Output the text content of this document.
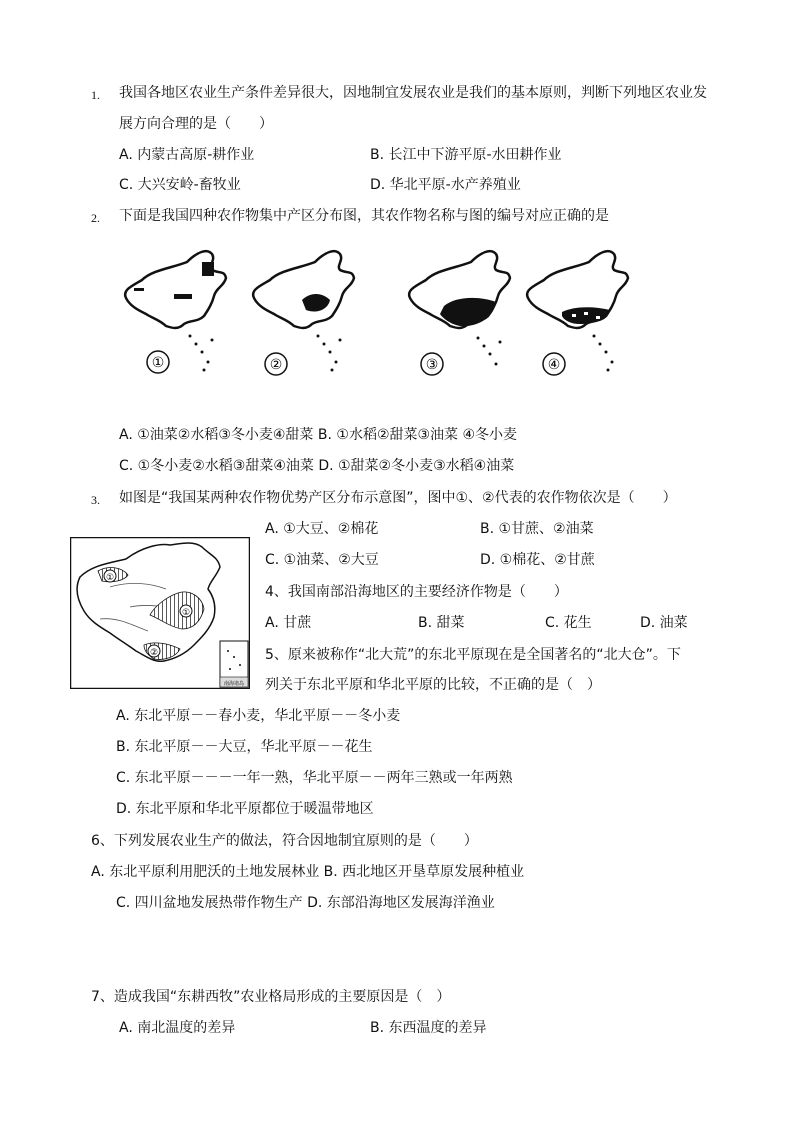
1. 我国各地区农业生产条件差异很大，因地制宜发展农业是我们的基本原则，判断下列地区农业发
展方向合理的是（　　）
A. 内蒙古高原-耕作业	B. 长江中下游平原-水田耕作业
C. 大兴安岭-畜牧业	D. 华北平原-水产养殖业
2. 下面是我国四种农作物集中产区分布图，其农作物名称与图的编号对应正确的是
①	②	③	④
A. ①油菜②水稻③冬小麦④甜菜 B. ①水稻②甜菜③油菜 ④冬小麦
C. ①冬小麦②水稻③甜菜④油菜 D. ①甜菜②冬小麦③水稻④油菜
3. 如图是“我国某两种农作物优势产区分布示意图”，图中①、②代表的农作物依次是（　　）
A. ①大豆、②棉花	B. ①甘蔗、②油菜
C. ①油菜、②大豆	D. ①棉花、②甘蔗
①
①
②
南海诸岛
4、我国南部沿海地区的主要经济作物是（　　）
A. 甘蔗	B. 甜菜	C. 花生	D. 油菜
5、原来被称作“北大荒”的东北平原现在是全国著名的“北大仓”。下
列关于东北平原和华北平原的比较，不正确的是（　）
A. 东北平原－－春小麦，华北平原－－冬小麦
B. 东北平原－－大豆，华北平原－－花生
C. 东北平原－－－一年一熟，华北平原－－两年三熟或一年两熟
D. 东北平原和华北平原都位于暖温带地区
6、下列发展农业生产的做法，符合因地制宜原则的是（　　）
A. 东北平原利用肥沃的土地发展林业 B. 西北地区开垦草原发展种植业
C. 四川盆地发展热带作物生产 D. 东部沿海地区发展海洋渔业
7、造成我国“东耕西牧”农业格局形成的主要原因是（　）
A. 南北温度的差异	B. 东西温度的差异
